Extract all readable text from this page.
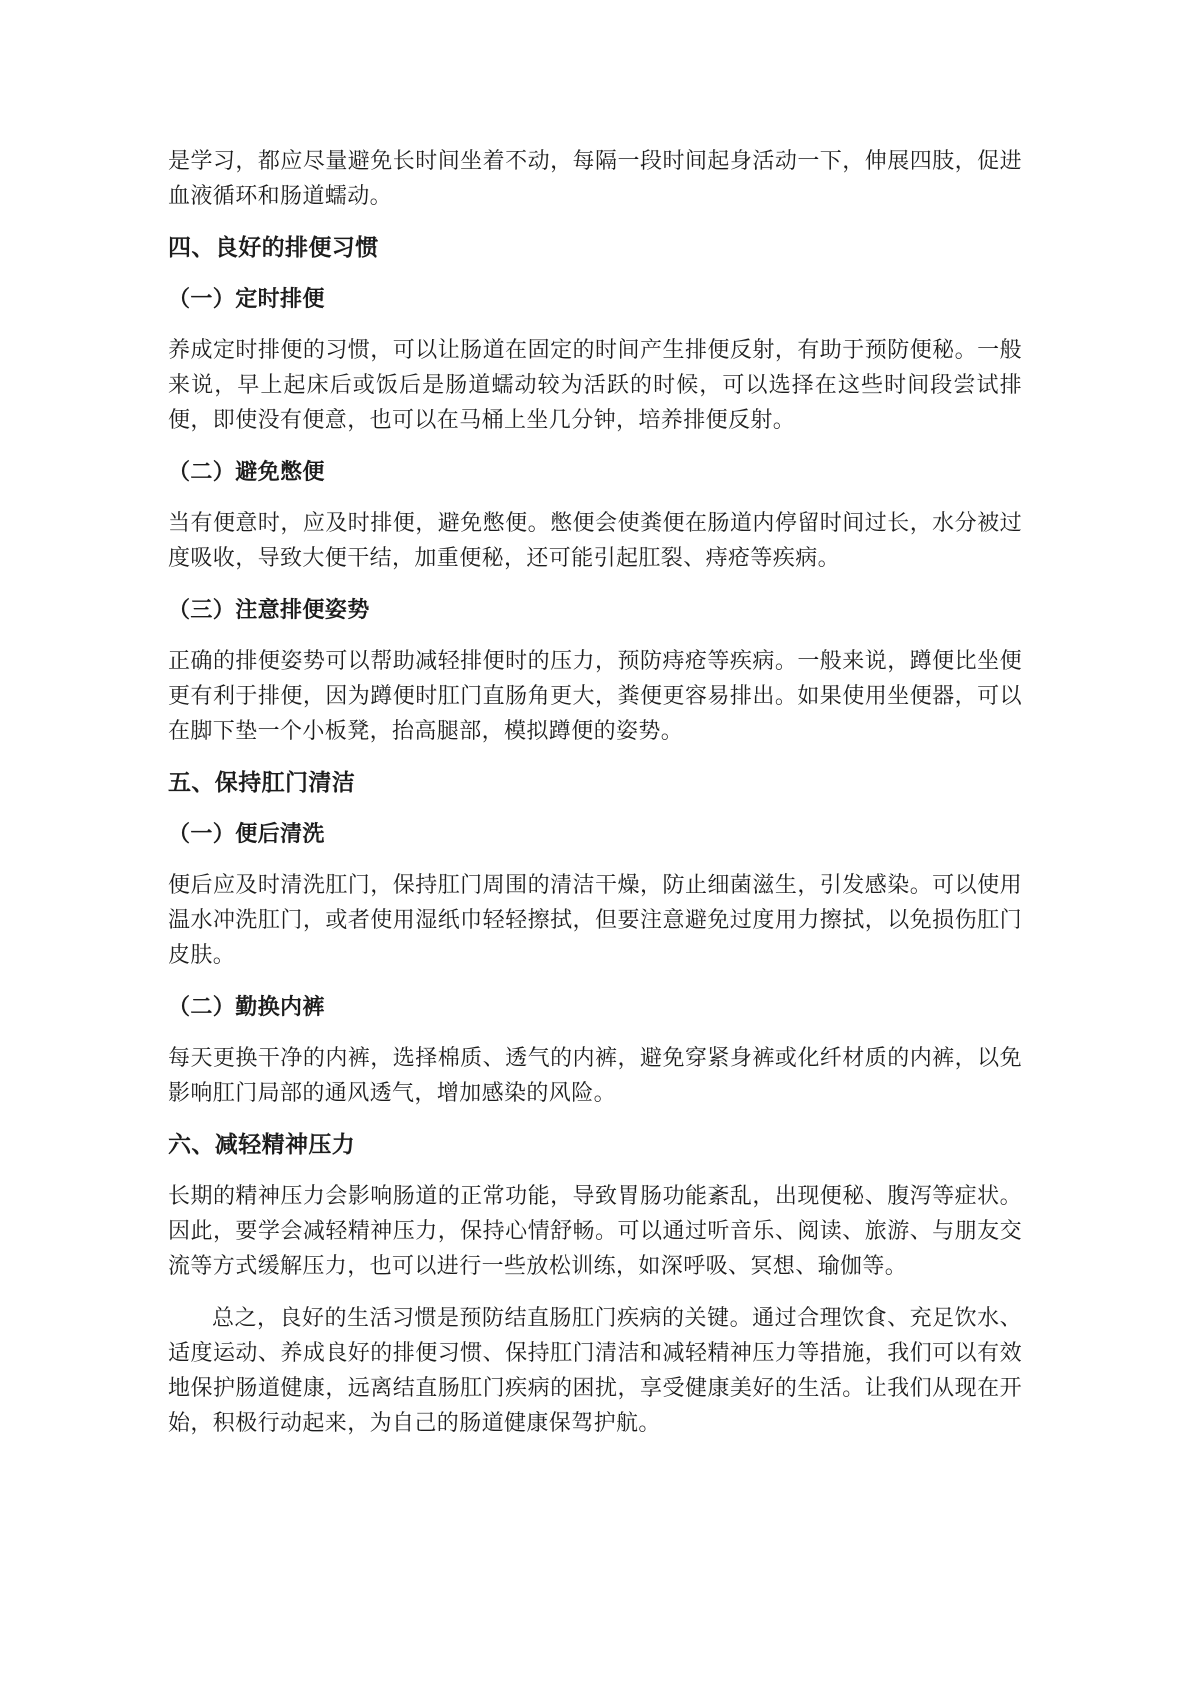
是学习，都应尽量避免长时间坐着不动，每隔一段时间起身活动一下，伸展四肢，促进血液循环和肠道蠕动。

四、良好的排便习惯
（一）定时排便

养成定时排便的习惯，可以让肠道在固定的时间产生排便反射，有助于预防便秘。一般来说，早上起床后或饭后是肠道蠕动较为活跃的时候，可以选择在这些时间段尝试排便，即使没有便意，也可以在马桶上坐几分钟，培养排便反射。

（二）避免憋便

当有便意时，应及时排便，避免憋便。憋便会使粪便在肠道内停留时间过长，水分被过度吸收，导致大便干结，加重便秘，还可能引起肛裂、痔疮等疾病。

（三）注意排便姿势

正确的排便姿势可以帮助减轻排便时的压力，预防痔疮等疾病。一般来说，蹲便比坐便更有利于排便，因为蹲便时肛门直肠角更大，粪便更容易排出。如果使用坐便器，可以在脚下垫一个小板凳，抬高腿部，模拟蹲便的姿势。

五、保持肛门清洁
（一）便后清洗

便后应及时清洗肛门，保持肛门周围的清洁干燥，防止细菌滋生，引发感染。可以使用温水冲洗肛门，或者使用湿纸巾轻轻擦拭，但要注意避免过度用力擦拭，以免损伤肛门皮肤。

（二）勤换内裤

每天更换干净的内裤，选择棉质、透气的内裤，避免穿紧身裤或化纤材质的内裤，以免影响肛门局部的通风透气，增加感染的风险。

六、减轻精神压力

长期的精神压力会影响肠道的正常功能，导致胃肠功能紊乱，出现便秘、腹泻等症状。因此，要学会减轻精神压力，保持心情舒畅。可以通过听音乐、阅读、旅游、与朋友交流等方式缓解压力，也可以进行一些放松训练，如深呼吸、冥想、瑜伽等。

总之，良好的生活习惯是预防结直肠肛门疾病的关键。通过合理饮食、充足饮水、适度运动、养成良好的排便习惯、保持肛门清洁和减轻精神压力等措施，我们可以有效地保护肠道健康，远离结直肠肛门疾病的困扰，享受健康美好的生活。让我们从现在开始，积极行动起来，为自己的肠道健康保驾护航。
